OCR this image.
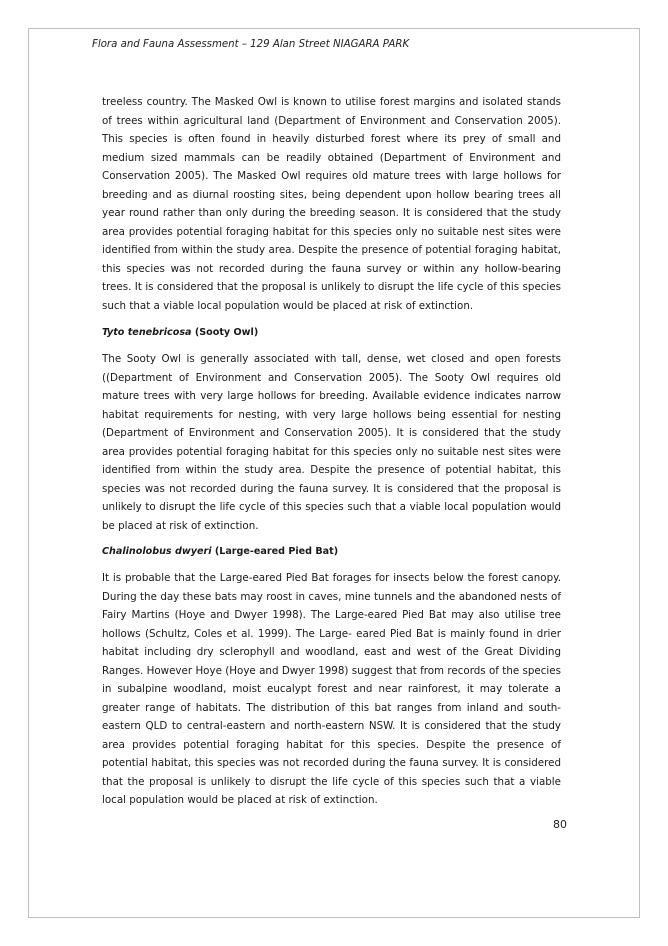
Flora and Fauna Assessment – 129 Alan Street NIAGARA PARK

treeless country. The Masked Owl is known to utilise forest margins and isolated stands of trees within agricultural land (Department of Environment and Conservation 2005). This species is often found in heavily disturbed forest where its prey of small and medium sized mammals can be readily obtained (Department of Environment and Conservation 2005). The Masked Owl requires old mature trees with large hollows for breeding and as diurnal roosting sites, being dependent upon hollow bearing trees all year round rather than only during the breeding season. It is considered that the study area provides potential foraging habitat for this species only no suitable nest sites were identified from within the study area. Despite the presence of potential foraging habitat, this species was not recorded during the fauna survey or within any hollow-bearing trees. It is considered that the proposal is unlikely to disrupt the life cycle of this species such that a viable local population would be placed at risk of extinction.

Tyto tenebricosa (Sooty Owl)

The Sooty Owl is generally associated with tall, dense, wet closed and open forests ((Department of Environment and Conservation 2005). The Sooty Owl requires old mature trees with very large hollows for breeding. Available evidence indicates narrow habitat requirements for nesting, with very large hollows being essential for nesting (Department of Environment and Conservation 2005). It is considered that the study area provides potential foraging habitat for this species only no suitable nest sites were identified from within the study area. Despite the presence of potential habitat, this species was not recorded during the fauna survey. It is considered that the proposal is unlikely to disrupt the life cycle of this species such that a viable local population would be placed at risk of extinction.

Chalinolobus dwyeri (Large-eared Pied Bat)

It is probable that the Large-eared Pied Bat forages for insects below the forest canopy. During the day these bats may roost in caves, mine tunnels and the abandoned nests of Fairy Martins (Hoye and Dwyer 1998). The Large-eared Pied Bat may also utilise tree hollows (Schultz, Coles et al. 1999). The Large- eared Pied Bat is mainly found in drier habitat including dry sclerophyll and woodland, east and west of the Great Dividing Ranges. However Hoye (Hoye and Dwyer 1998) suggest that from records of the species in subalpine woodland, moist eucalypt forest and near rainforest, it may tolerate a greater range of habitats. The distribution of this bat ranges from inland and south- eastern QLD to central-eastern and north-eastern NSW. It is considered that the study area provides potential foraging habitat for this species. Despite the presence of potential habitat, this species was not recorded during the fauna survey. It is considered that the proposal is unlikely to disrupt the life cycle of this species such that a viable local population would be placed at risk of extinction.

80
